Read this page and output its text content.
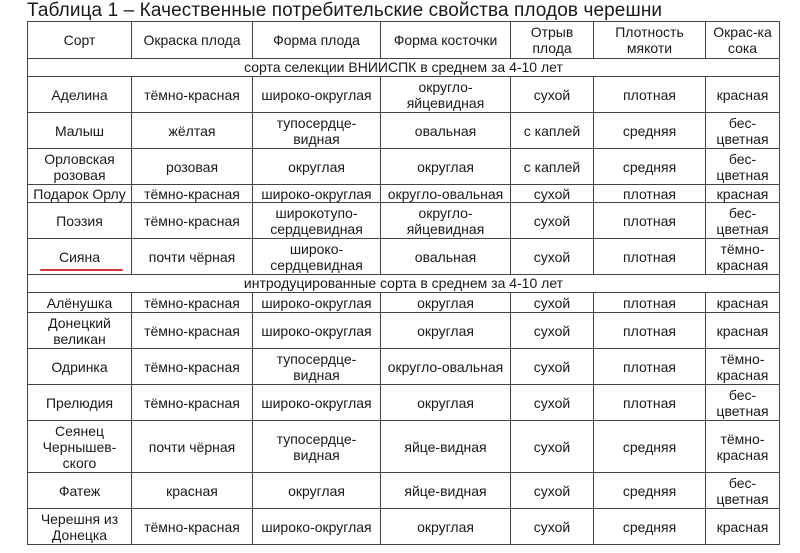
Таблица 1 – Качественные потребительские свойства плодов черешни
Сорт	Окраска плода	Форма плода	Форма косточки	Отрыв плода	Плотность мякоти	Окрас-ка сока
сорта селекции ВНИИСПК в среднем за 4-10 лет						
Аделина	тёмно-красная	широко-округлая	округло-яйцевидная	сухой	плотная	красная
Малыш	жёлтая	тупосердце-видная	овальная	с каплей	средняя	бес-цветная
Орловская розовая	розовая	округлая	округлая	с каплей	средняя	бес-цветная
Подарок Орлу	тёмно-красная	широко-округлая	округло-овальная	сухой	плотная	красная
Поэзия	тёмно-красная	широкотупо-сердцевидная	округло-яйцевидная	сухой	плотная	бес-цветная
Сияна	почти чёрная	широко-сердцевидная	овальная	сухой	плотная	тёмно-красная
интродуцированные сорта в среднем за 4-10 лет						
Алёнушка	тёмно-красная	широко-округлая	округлая	сухой	плотная	красная
Донецкий великан	тёмно-красная	широко-округлая	округлая	сухой	плотная	красная
Одринка	тёмно-красная	тупосердце-видная	округло-овальная	сухой	плотная	тёмно-красная
Прелюдия	тёмно-красная	широко-округлая	округлая	сухой	плотная	бес-цветная
Сеянец Чернышев-ского	почти чёрная	тупосердце-видная	яйце-видная	сухой	средняя	тёмно-красная
Фатеж	красная	округлая	яйце-видная	сухой	средняя	бес-цветная
Черешня из Донецка	тёмно-красная	широко-округлая	округлая	сухой	средняя	красная
